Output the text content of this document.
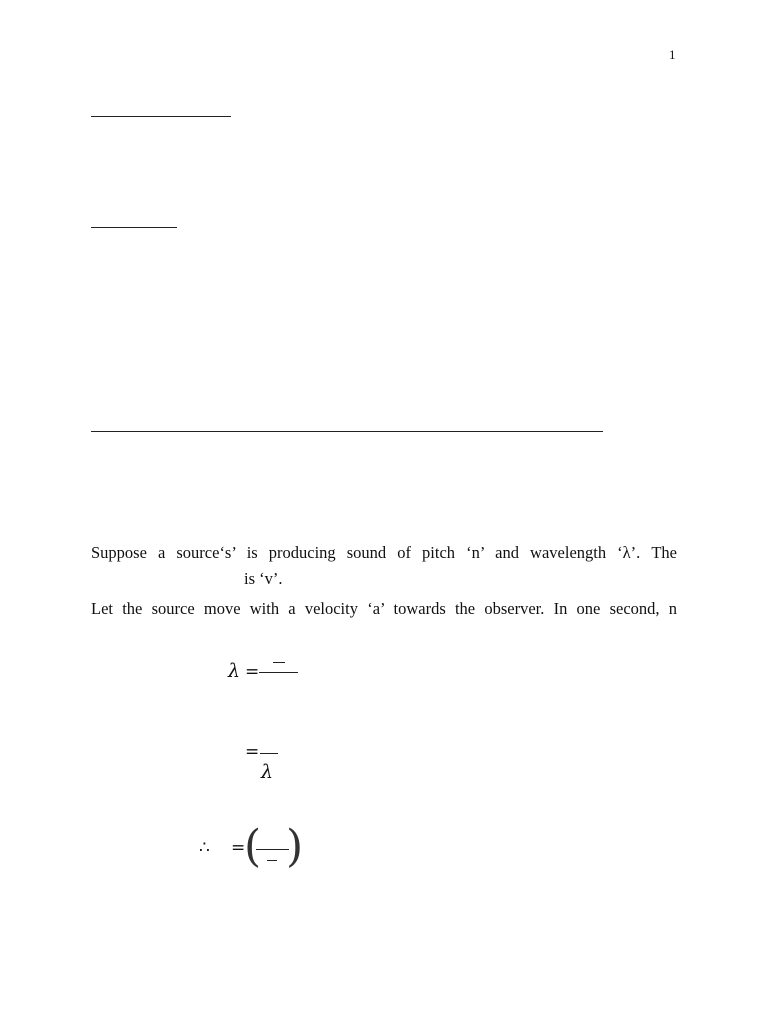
1
Suppose a source‘s’ is producing sound of pitch ‘n’ and wavelength ‘λ’. The
is ‘v’.
Let the source move with a velocity ‘a’ towards the observer. In one second, n
λ =
=
λ
∴ =
( )
